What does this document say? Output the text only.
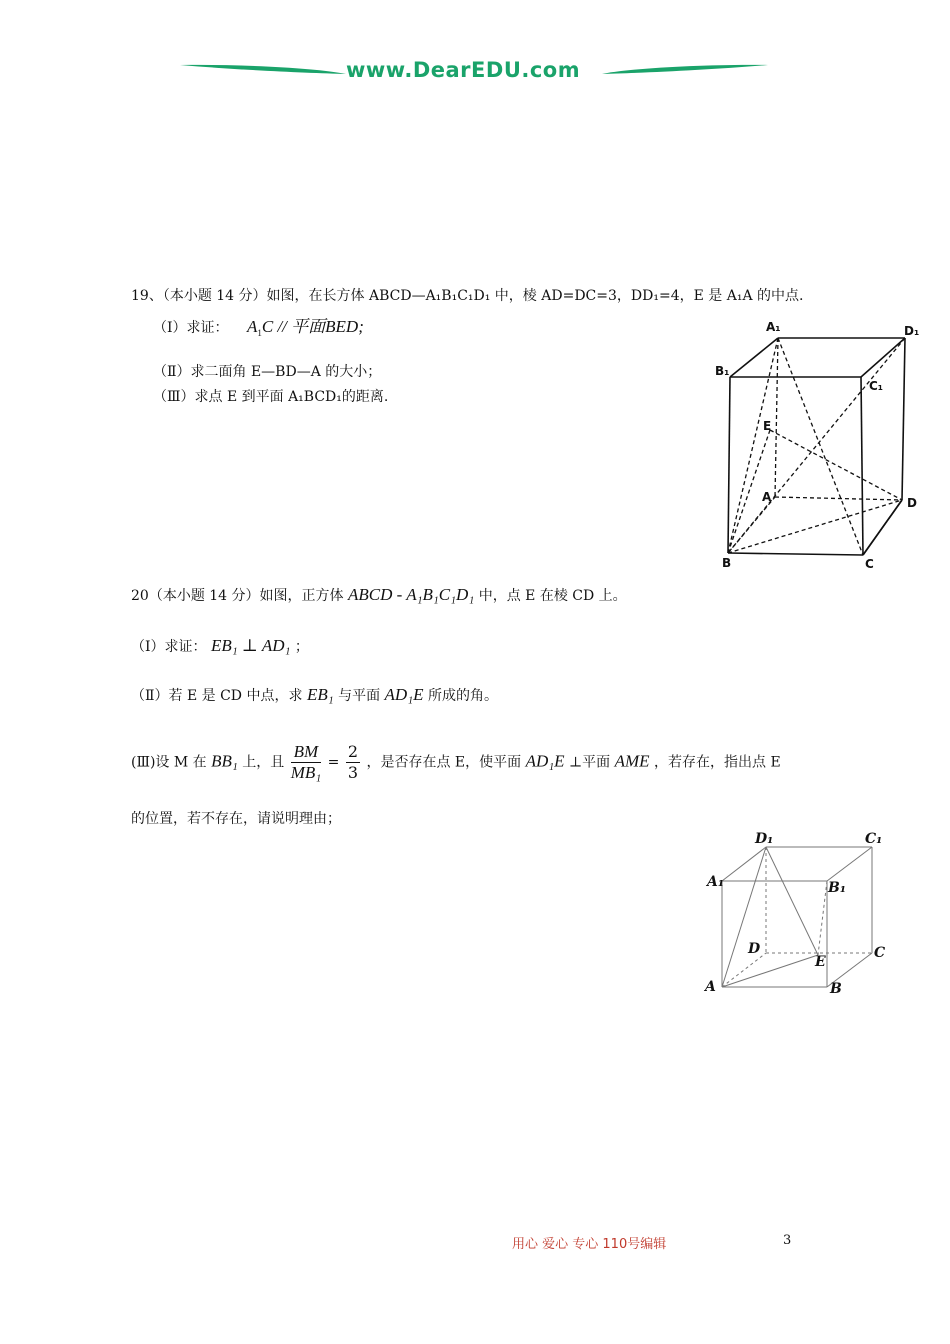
www.DearEDU.com
19、（本小题 14 分）如图，在长方体 ABCD—A₁B₁C₁D₁ 中，棱 AD=DC=3，DD₁=4，E 是 A₁A 的中点.
（Ⅰ）求证： $A_1C$ // 平面BED;
（Ⅱ）求二面角 E—BD—A 的大小；
（Ⅲ）求点 E 到平面 A₁BCD₁的距离.
A₁	D₁
B₁
C₁
E
A	D
B	C
20（本小题 14 分）如图，正方体 ABCD - A₁B₁C₁D₁ 中，点 E 在棱 CD 上。
（Ⅰ）求证： EB₁ ⊥ AD₁ ；
（Ⅱ）若 E 是 CD 中点，求 EB₁ 与平面 AD₁E 所成的角。
(Ⅲ)设 M 在 BB₁ 上，且 $\frac{BM}{\text{MB₁}} = \frac{2}{3}$ ，是否存在点 E，使平面 AD₁E ⊥平面 AME ，若存在，指出点 E
的位置，若不存在，请说明理由；
D₁	C₁
A₁	B₁
D	C
E
A	B
用心 爱心 专心 110号编辑	3
